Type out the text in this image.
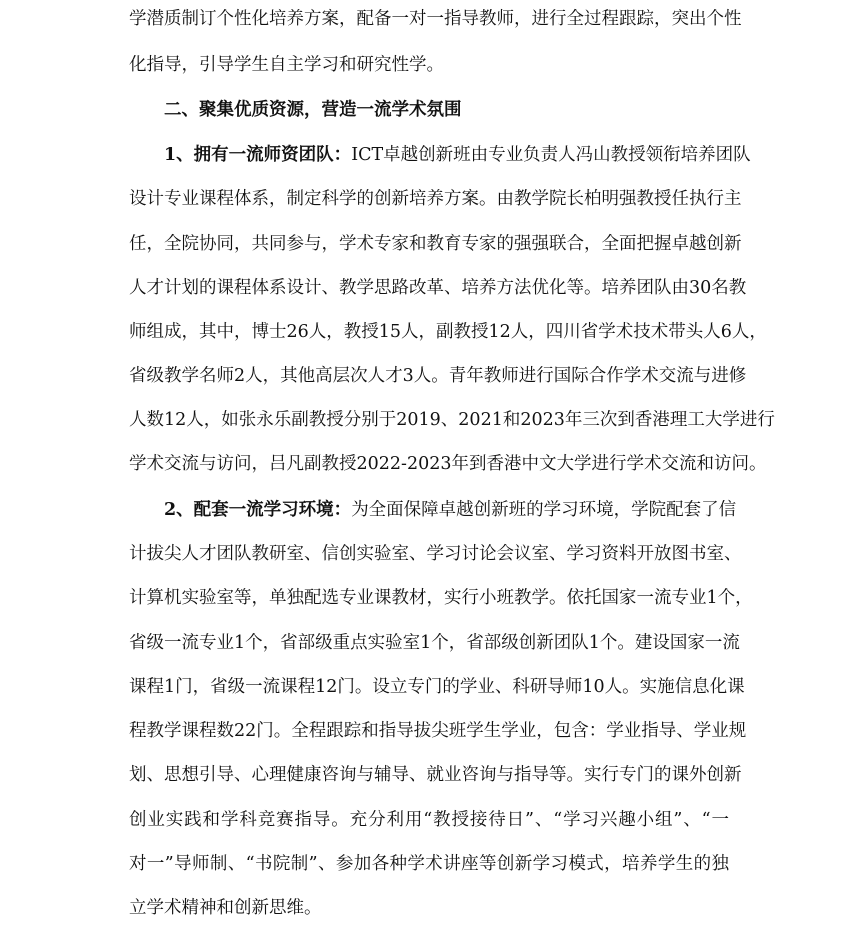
学潜质制订个性化培养方案，配备一对一指导教师，进行全过程跟踪，突出个性
化指导，引导学生自主学习和研究性学。
二、聚集优质资源，营造一流学术氛围
1、拥有一流师资团队：ICT卓越创新班由专业负责人冯山教授领衔培养团队
设计专业课程体系，制定科学的创新培养方案。由教学院长柏明强教授任执行主
任，全院协同，共同参与，学术专家和教育专家的强强联合，全面把握卓越创新
人才计划的课程体系设计、教学思路改革、培养方法优化等。培养团队由30名教
师组成，其中，博士26人，教授15人，副教授12人，四川省学术技术带头人6人，
省级教学名师2人，其他高层次人才3人。青年教师进行国际合作学术交流与进修
人数12人，如张永乐副教授分别于2019、2021和2023年三次到香港理工大学进行
学术交流与访问，吕凡副教授2022-2023年到香港中文大学进行学术交流和访问。
2、配套一流学习环境：为全面保障卓越创新班的学习环境，学院配套了信
计拔尖人才团队教研室、信创实验室、学习讨论会议室、学习资料开放图书室、
计算机实验室等，单独配选专业课教材，实行小班教学。依托国家一流专业1个，
省级一流专业1个，省部级重点实验室1个，省部级创新团队1个。建设国家一流
课程1门，省级一流课程12门。设立专门的学业、科研导师10人。实施信息化课
程教学课程数22门。全程跟踪和指导拔尖班学生学业，包含：学业指导、学业规
划、思想引导、心理健康咨询与辅导、就业咨询与指导等。实行专门的课外创新
创业实践和学科竞赛指导。充分利用“教授接待日”、“学习兴趣小组”、“一
对一”导师制、“书院制”、参加各种学术讲座等创新学习模式，培养学生的独
立学术精神和创新思维。
